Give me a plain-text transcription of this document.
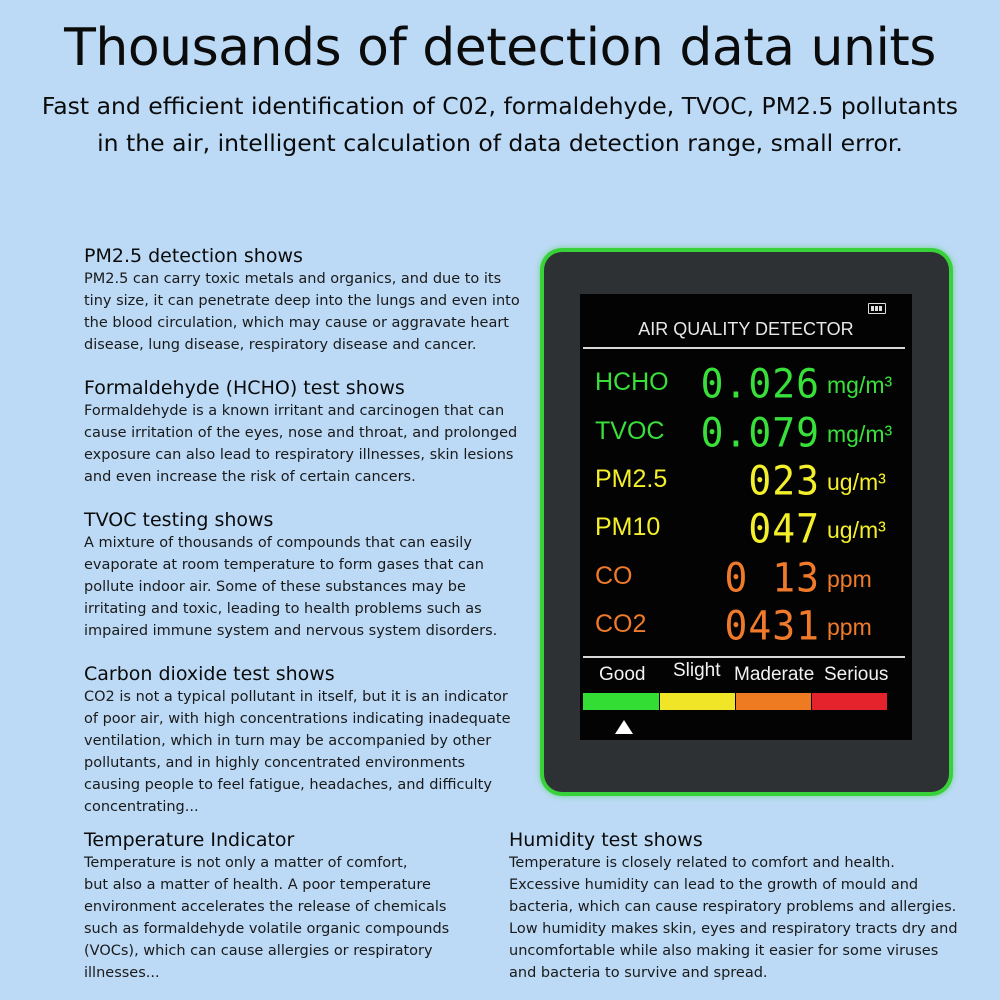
Thousands of detection data units
Fast and efficient identification of C02, formaldehyde, TVOC, PM2.5 pollutants in the air, intelligent calculation of data detection range, small error.
PM2.5 detection shows

PM2.5 can carry toxic metals and organics, and due to its
tiny size, it can penetrate deep into the lungs and even into
the blood circulation, which may cause or aggravate heart
disease, lung disease, respiratory disease and cancer.

Formaldehyde (HCHO) test shows

Formaldehyde is a known irritant and carcinogen that can
cause irritation of the eyes, nose and throat, and prolonged
exposure can also lead to respiratory illnesses, skin lesions
and even increase the risk of certain cancers.

TVOC testing shows

A mixture of thousands of compounds that can easily
evaporate at room temperature to form gases that can
pollute indoor air. Some of these substances may be
irritating and toxic, leading to health problems such as
impaired immune system and nervous system disorders.

Carbon dioxide test shows

CO2 is not a typical pollutant in itself, but it is an indicator
of poor air, with high concentrations indicating inadequate
ventilation, which in turn may be accompanied by other
pollutants, and in highly concentrated environments
causing people to feel fatigue, headaches, and difficulty
concentrating...

Temperature Indicator

Temperature is not only a matter of comfort,
but also a matter of health. A poor temperature
environment accelerates the release of chemicals
such as formaldehyde volatile organic compounds
(VOCs), which can cause allergies or respiratory
illnesses...

Humidity test shows

Temperature is closely related to comfort and health.
Excessive humidity can lead to the growth of mould and
bacteria, which can cause respiratory problems and allergies.
Low humidity makes skin, eyes and respiratory tracts dry and
uncomfortable while also making it easier for some viruses
and bacteria to survive and spread.

AIR QUALITY DETECTOR
HCHO 0.026 mg/m³
TVOC 0.079 mg/m³
PM2.5 023 ug/m³
PM10 047 ug/m³
CO 0 13 ppm
CO2 0431 ppm
Good Slight Maderate Serious
